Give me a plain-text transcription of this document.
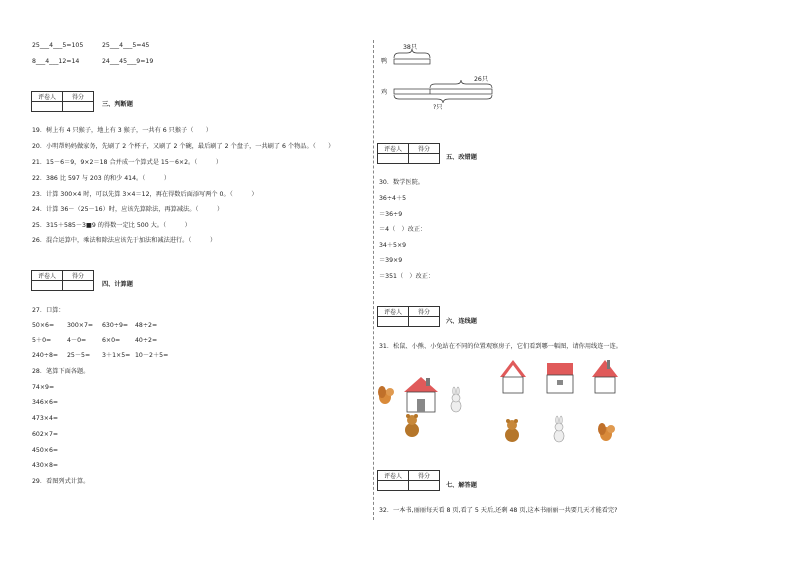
25___4___5=105	25___4___5=45
8___4___12=14	24___45___9=19
评卷人	得分

三、判断题
19．树上有 4 只猴子，地上有 3 猴子，一共有 6 只猴子（　　）
20．小明帮妈妈做家务，先刷了 2 个杯子，又刷了 2 个碗，最后刷了 2 个盘子，一共刷了 6 个物品。（　　）
21．15－6＝9，9×2＝18 合并成一个算式是 15－6×2。（　　　）
22．386 比 597 与 203 的和少 414。（　　　）
23．计算 300×4 时，可以先算 3×4＝12，再在得数后面添写两个 0。（　　　）
24．计算 36－（25－16）时，应该先算除法，再算减法。（　　　）
25．315＋585－3■9 的得数一定比 500 大。（　　　）
26．混合运算中，乘法和除法应该先于加法和减法进行。（　　　）
评卷人	得分

四、计算题
27．口算：
50×6= 300×7= 630÷9= 48÷2=
5＋0=	4－0=	6×0= 40÷2=
240÷8= 25－5= 3＋1×5= 10－2＋5=
28．笔算下面各题。
74×9=
346×6=
473×4=
602×7=
450×6=
430×8=
29．看图列式计算。
38只
鸭
鸡
26只
?只
评卷人	得分

五、改错题
30．数学医院。
36÷4＋5
＝36÷9
＝4（　）改正：
34＋5×9
＝39×9
＝351（　）改正：
评卷人	得分

六、连线题
31．松鼠、小熊、小兔站在不同的位置观察房子，它们看到哪一幅图，请你用线连一连。
评卷人	得分

七、解答题
32．一本书,丽丽每天看 8 页,看了 5 天后,还剩 48 页,这本书丽丽一共要几天才能看完?
